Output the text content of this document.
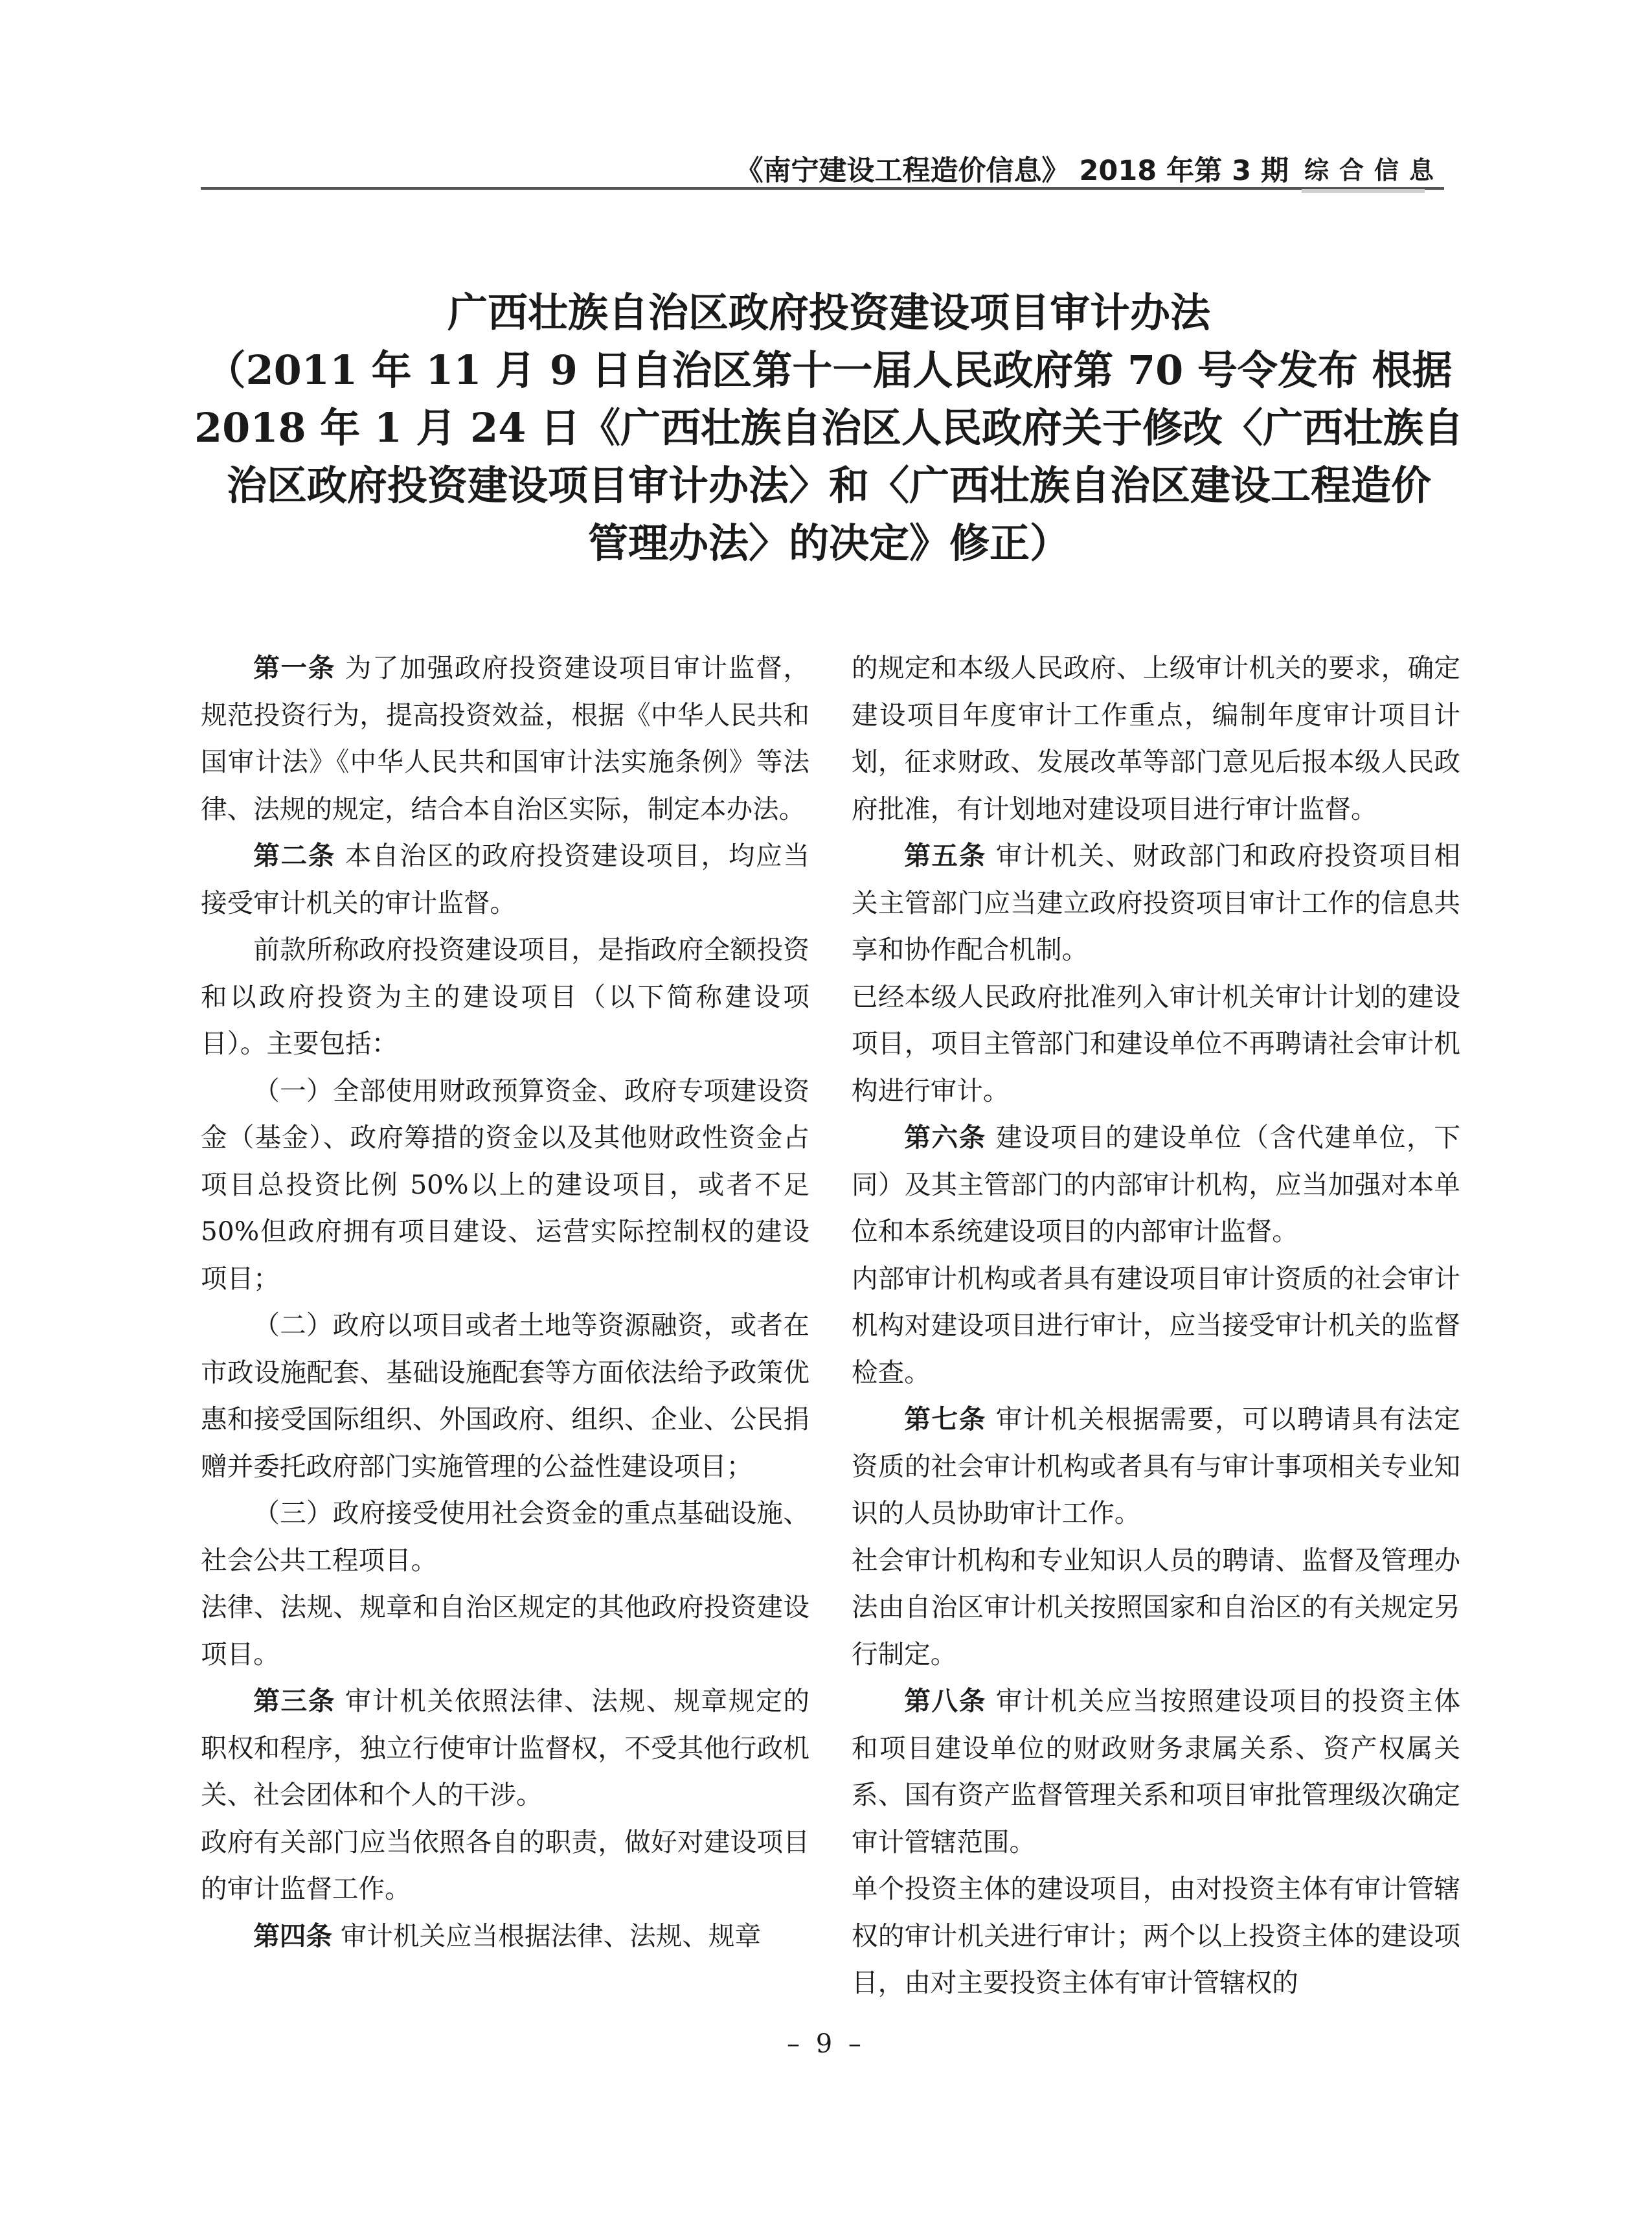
《南宁建设工程造价信息》 2018 年第 3 期 综合信息
广西壮族自治区政府投资建设项目审计办法
（2011 年 11 月 9 日自治区第十一届人民政府第 70 号令发布 根据
2018 年 1 月 24 日《广西壮族自治区人民政府关于修改〈广西壮族自
治区政府投资建设项目审计办法〉和〈广西壮族自治区建设工程造价
管理办法〉的决定》修正）

第一条 为了加强政府投资建设项目审计监督，规范投资行为，提高投资效益，根据《中华人民共和国审计法》《中华人民共和国审计法实施条例》等法律、法规的规定，结合本自治区实际，制定本办法。

第二条 本自治区的政府投资建设项目，均应当接受审计机关的审计监督。

前款所称政府投资建设项目，是指政府全额投资和以政府投资为主的建设项目（以下简称建设项目）。主要包括：

（一）全部使用财政预算资金、政府专项建设资金（基金）、政府筹措的资金以及其他财政性资金占项目总投资比例 50%以上的建设项目，或者不足 50%但政府拥有项目建设、运营实际控制权的建设项目；

（二）政府以项目或者土地等资源融资，或者在市政设施配套、基础设施配套等方面依法给予政策优惠和接受国际组织、外国政府、组织、企业、公民捐赠并委托政府部门实施管理的公益性建设项目；

（三）政府接受使用社会资金的重点基础设施、社会公共工程项目。

法律、法规、规章和自治区规定的其他政府投资建设项目。

第三条 审计机关依照法律、法规、规章规定的职权和程序，独立行使审计监督权，不受其他行政机关、社会团体和个人的干涉。

政府有关部门应当依照各自的职责，做好对建设项目的审计监督工作。

第四条 审计机关应当根据法律、法规、规章

的规定和本级人民政府、上级审计机关的要求，确定建设项目年度审计工作重点，编制年度审计项目计划，征求财政、发展改革等部门意见后报本级人民政府批准，有计划地对建设项目进行审计监督。

第五条 审计机关、财政部门和政府投资项目相关主管部门应当建立政府投资项目审计工作的信息共享和协作配合机制。

已经本级人民政府批准列入审计机关审计计划的建设项目，项目主管部门和建设单位不再聘请社会审计机构进行审计。

第六条 建设项目的建设单位（含代建单位，下同）及其主管部门的内部审计机构，应当加强对本单位和本系统建设项目的内部审计监督。

内部审计机构或者具有建设项目审计资质的社会审计机构对建设项目进行审计，应当接受审计机关的监督检查。

第七条 审计机关根据需要，可以聘请具有法定资质的社会审计机构或者具有与审计事项相关专业知识的人员协助审计工作。

社会审计机构和专业知识人员的聘请、监督及管理办法由自治区审计机关按照国家和自治区的有关规定另行制定。

第八条 审计机关应当按照建设项目的投资主体和项目建设单位的财政财务隶属关系、资产权属关系、国有资产监督管理关系和项目审批管理级次确定审计管辖范围。

单个投资主体的建设项目，由对投资主体有审计管辖权的审计机关进行审计；两个以上投资主体的建设项目，由对主要投资主体有审计管辖权的

– 9 –
